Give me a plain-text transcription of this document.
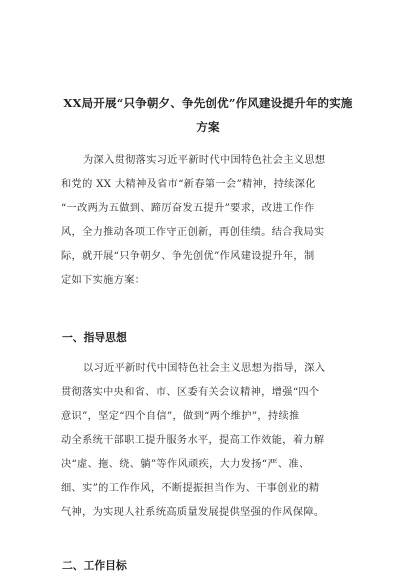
XX局开展“只争朝夕、争先创优”作风建设提升年的实施
方案
为深入贯彻落实习近平新时代中国特色社会主义思想
和党的 XX 大精神及省市“新春第一会”精神，持续深化
“一改两为五做到、蹄厉奋发五提升”要求，改进工作作
风，全力推动各项工作守正创新，再创佳绩。结合我局实
际，就开展“只争朝夕、争先创优”作风建设提升年，制
定如下实施方案：
一、指导思想
以习近平新时代中国特色社会主义思想为指导，深入
贯彻落实中央和省、市、区委有关会议精神，增强“四个
意识”，坚定“四个自信”，做到“两个维护”，持续推
动全系统干部职工提升服务水平，提高工作效能，着力解
决“虚、拖、绕、躺”等作风顽疾，大力发扬“严、准、
细、实”的工作作风，不断提振担当作为、干事创业的精
气神，为实现人社系统高质量发展提供坚强的作风保障。
二、工作目标
